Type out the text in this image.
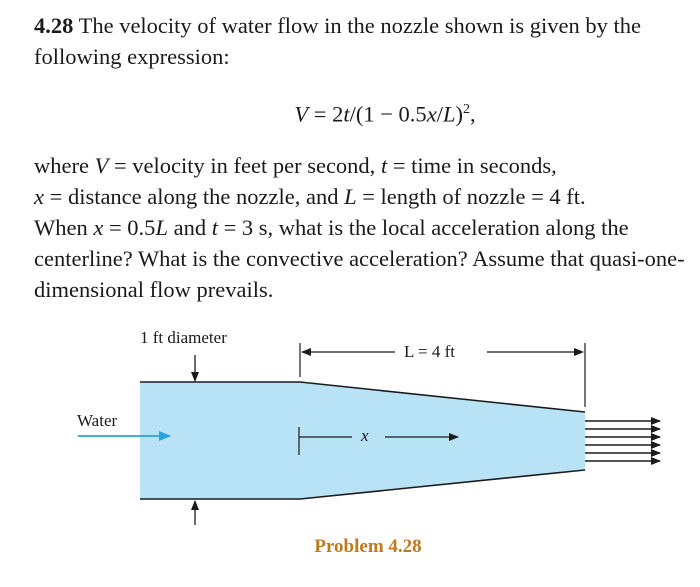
4.28 The velocity of water flow in the nozzle shown is given by the following expression:

$V = 2t/(1 - 0.5x/L)^2$,

where V = velocity in feet per second, t = time in seconds,
x = distance along the nozzle, and L = length of nozzle = 4 ft.
When x = 0.5L and t = 3 s, what is the local acceleration along the centerline? What is the convective acceleration? Assume that quasi-one-dimensional flow prevails.

1 ft diameter
L = 4 ft
Water
x
Problem 4.28
